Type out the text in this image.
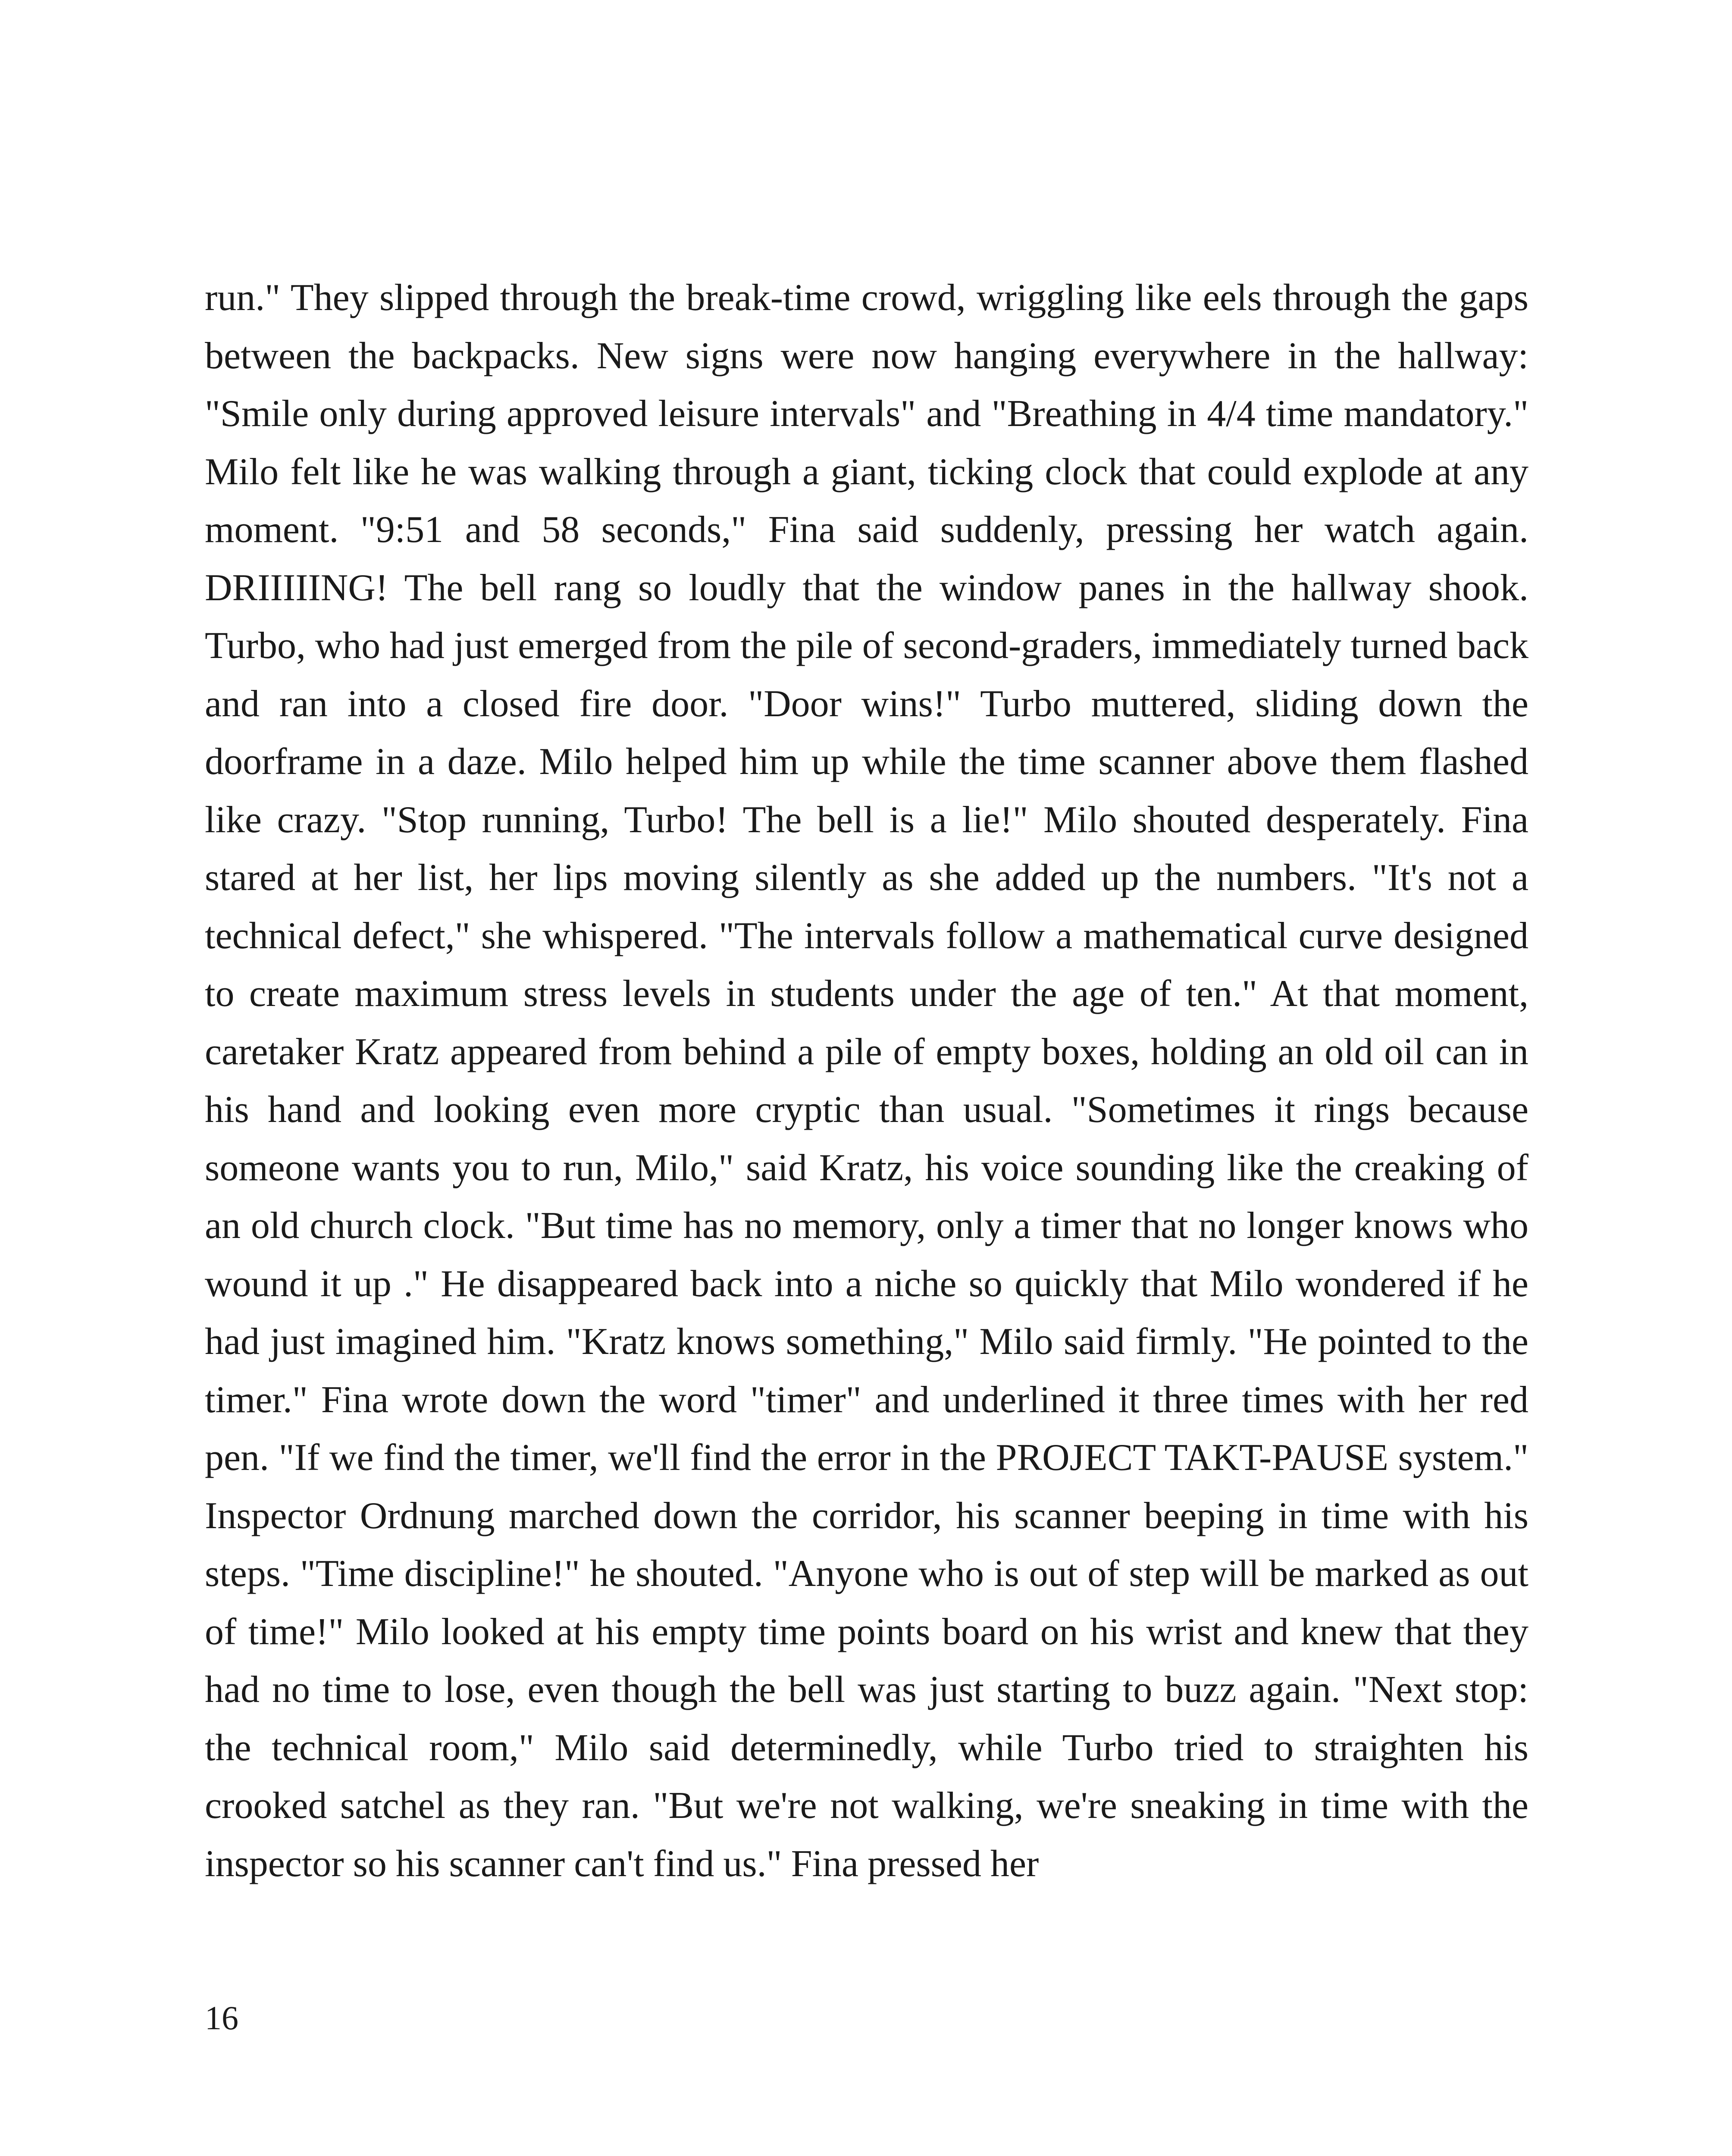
run." They slipped through the break-time crowd, wriggling like eels through the gaps between the backpacks. New signs were now hanging everywhere in the hallway: "Smile only during approved leisure intervals" and "Breathing in 4/4 time mandatory." Milo felt like he was walking through a giant, ticking clock that could explode at any moment. "9:51 and 58 seconds," Fina said suddenly, pressing her watch again. DRIIIIING! The bell rang so loudly that the window panes in the hallway shook. Turbo, who had just emerged from the pile of second-graders, immediately turned back and ran into a closed fire door. "Door wins!" Turbo muttered, sliding down the doorframe in a daze. Milo helped him up while the time scanner above them flashed like crazy. "Stop running, Turbo! The bell is a lie!" Milo shouted desperately. Fina stared at her list, her lips moving silently as she added up the numbers. "It's not a technical defect," she whispered. "The intervals follow a mathematical curve designed to create maximum stress levels in students under the age of ten." At that moment, caretaker Kratz appeared from behind a pile of empty boxes, holding an old oil can in his hand and looking even more cryptic than usual. "Sometimes it rings because someone wants you to run, Milo," said Kratz, his voice sounding like the creaking of an old church clock. "But time has no memory, only a timer that no longer knows who wound it up ." He disappeared back into a niche so quickly that Milo wondered if he had just imagined him. "Kratz knows something," Milo said firmly. "He pointed to the timer." Fina wrote down the word "timer" and underlined it three times with her red pen. "If we find the timer, we'll find the error in the PROJECT TAKT-PAUSE system." Inspector Ordnung marched down the corridor, his scanner beeping in time with his steps. "Time discipline!" he shouted. "Anyone who is out of step will be marked as out of time!" Milo looked at his empty time points board on his wrist and knew that they had no time to lose, even though the bell was just starting to buzz again. "Next stop: the technical room," Milo said determinedly, while Turbo tried to straighten his crooked satchel as they ran. "But we're not walking, we're sneaking in time with the inspector so his scanner can't find us." Fina pressed her

16
